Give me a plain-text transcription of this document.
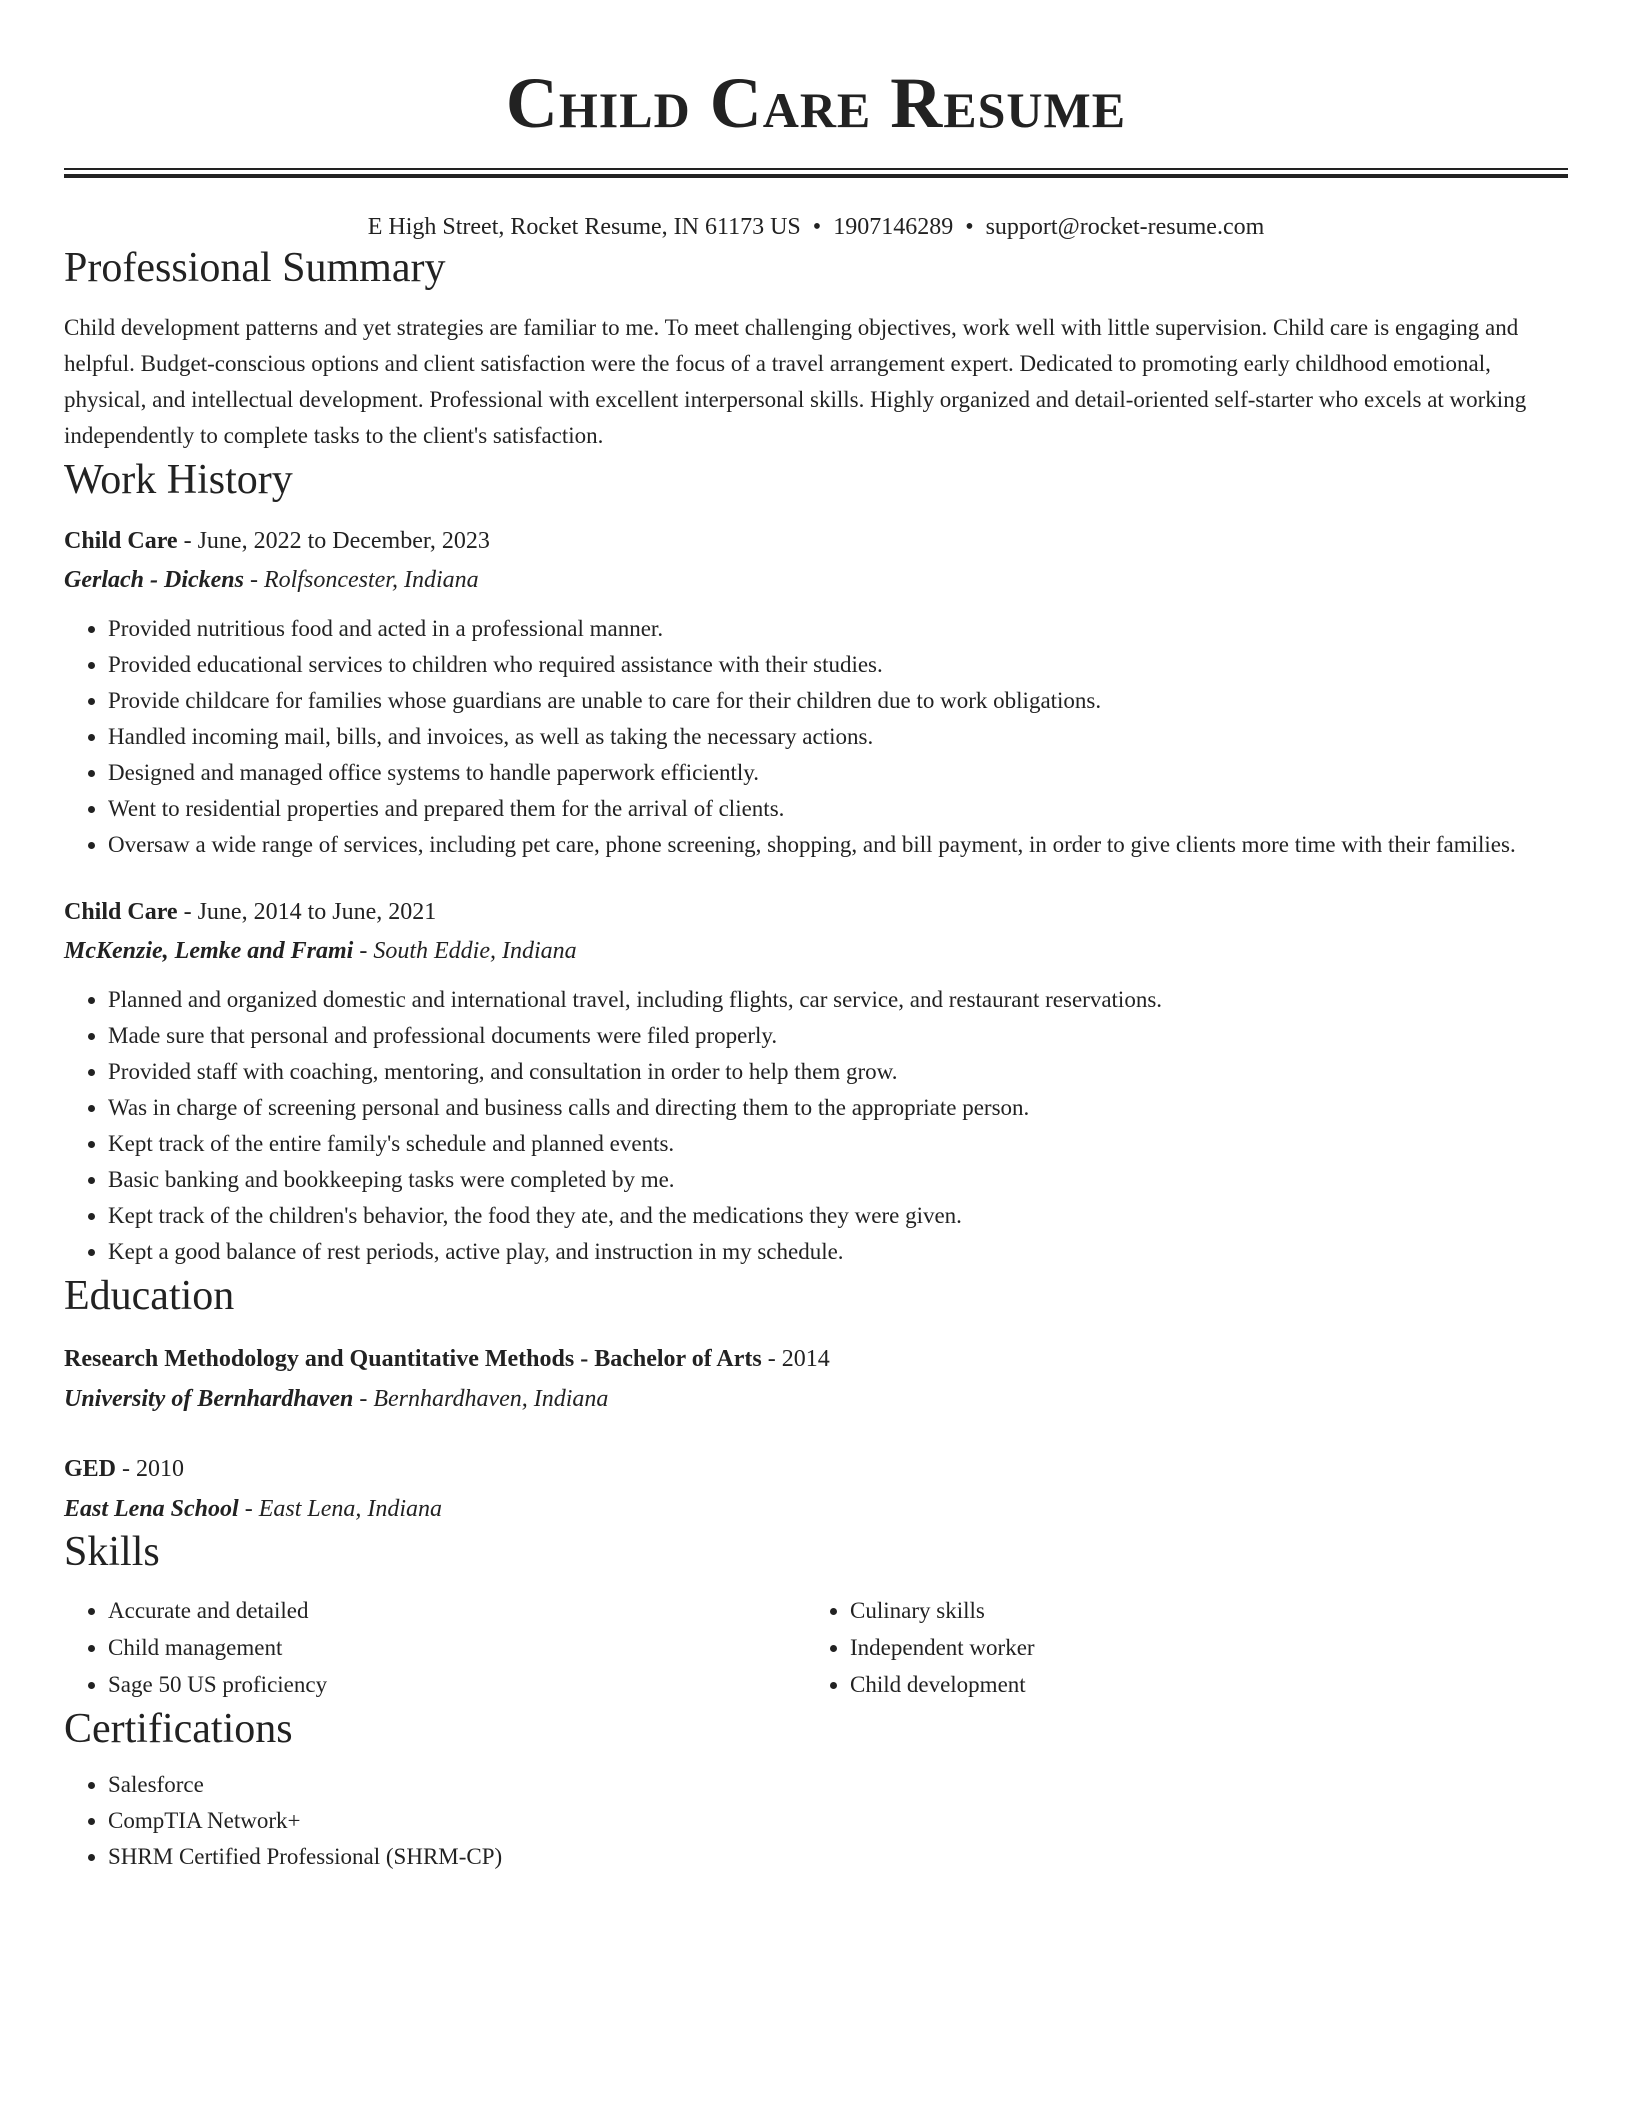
Child Care Resume
E High Street, Rocket Resume, IN 61173 US • 1907146289 • support@rocket-resume.com
Professional Summary

Child development patterns and yet strategies are familiar to me. To meet challenging objectives, work well with little supervision. Child care is engaging and helpful. Budget-conscious options and client satisfaction were the focus of a travel arrangement expert. Dedicated to promoting early childhood emotional, physical, and intellectual development. Professional with excellent interpersonal skills. Highly organized and detail-oriented self-starter who excels at working independently to complete tasks to the client's satisfaction.

Work History
Child Care - June, 2022 to December, 2023
Gerlach - Dickens - Rolfsoncester, Indiana
• Provided nutritious food and acted in a professional manner.
• Provided educational services to children who required assistance with their studies.
• Provide childcare for families whose guardians are unable to care for their children due to work obligations.
• Handled incoming mail, bills, and invoices, as well as taking the necessary actions.
• Designed and managed office systems to handle paperwork efficiently.
• Went to residential properties and prepared them for the arrival of clients.
• Oversaw a wide range of services, including pet care, phone screening, shopping, and bill payment, in order to give clients more time with their families.
Child Care - June, 2014 to June, 2021
McKenzie, Lemke and Frami - South Eddie, Indiana
• Planned and organized domestic and international travel, including flights, car service, and restaurant reservations.
• Made sure that personal and professional documents were filed properly.
• Provided staff with coaching, mentoring, and consultation in order to help them grow.
• Was in charge of screening personal and business calls and directing them to the appropriate person.
• Kept track of the entire family's schedule and planned events.
• Basic banking and bookkeeping tasks were completed by me.
• Kept track of the children's behavior, the food they ate, and the medications they were given.
• Kept a good balance of rest periods, active play, and instruction in my schedule.
Education
Research Methodology and Quantitative Methods - Bachelor of Arts - 2014
University of Bernhardhaven - Bernhardhaven, Indiana
GED - 2010
East Lena School - East Lena, Indiana
Skills
• Accurate and detailed
• Child management
• Sage 50 US proficiency
• Culinary skills
• Independent worker
• Child development
Certifications
• Salesforce
• CompTIA Network+
• SHRM Certified Professional (SHRM-CP)
